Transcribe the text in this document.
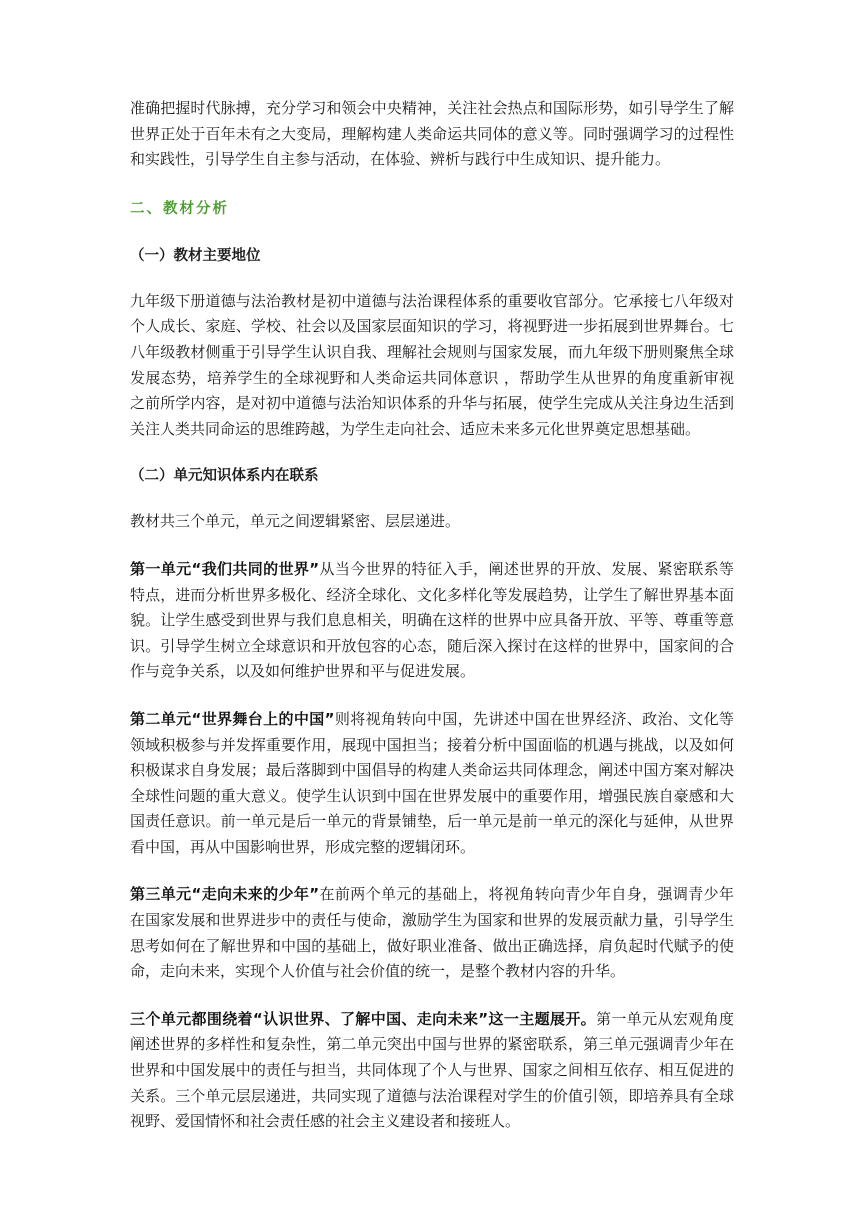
准确把握时代脉搏，充分学习和领会中央精神，关注社会热点和国际形势，如引导学生了解世界正处于百年未有之大变局，理解构建人类命运共同体的意义等。同时强调学习的过程性和实践性，引导学生自主参与活动，在体验、辨析与践行中生成知识、提升能力。

二、教材分析
（一）教材主要地位

九年级下册道德与法治教材是初中道德与法治课程体系的重要收官部分。它承接七八年级对个人成长、家庭、学校、社会以及国家层面知识的学习，将视野进一步拓展到世界舞台。七八年级教材侧重于引导学生认识自我、理解社会规则与国家发展，而九年级下册则聚焦全球发展态势，培养学生的全球视野和人类命运共同体意识 ，帮助学生从世界的角度重新审视之前所学内容，是对初中道德与法治知识体系的升华与拓展，使学生完成从关注身边生活到关注人类共同命运的思维跨越，为学生走向社会、适应未来多元化世界奠定思想基础。

（二）单元知识体系内在联系

教材共三个单元，单元之间逻辑紧密、层层递进。

第一单元“我们共同的世界”从当今世界的特征入手，阐述世界的开放、发展、紧密联系等特点，进而分析世界多极化、经济全球化、文化多样化等发展趋势，让学生了解世界基本面貌。让学生感受到世界与我们息息相关，明确在这样的世界中应具备开放、平等、尊重等意识。引导学生树立全球意识和开放包容的心态，随后深入探讨在这样的世界中，国家间的合作与竞争关系，以及如何维护世界和平与促进发展。

第二单元“世界舞台上的中国”则将视角转向中国，先讲述中国在世界经济、政治、文化等领域积极参与并发挥重要作用，展现中国担当；接着分析中国面临的机遇与挑战，以及如何积极谋求自身发展；最后落脚到中国倡导的构建人类命运共同体理念，阐述中国方案对解决全球性问题的重大意义。使学生认识到中国在世界发展中的重要作用，增强民族自豪感和大国责任意识。前一单元是后一单元的背景铺垫，后一单元是前一单元的深化与延伸，从世界看中国，再从中国影响世界，形成完整的逻辑闭环。

第三单元“走向未来的少年”在前两个单元的基础上，将视角转向青少年自身，强调青少年在国家发展和世界进步中的责任与使命，激励学生为国家和世界的发展贡献力量，引导学生思考如何在了解世界和中国的基础上，做好职业准备、做出正确选择，肩负起时代赋予的使命，走向未来，实现个人价值与社会价值的统一，是整个教材内容的升华。

三个单元都围绕着“认识世界、了解中国、走向未来”这一主题展开。第一单元从宏观角度阐述世界的多样性和复杂性，第二单元突出中国与世界的紧密联系，第三单元强调青少年在世界和中国发展中的责任与担当，共同体现了个人与世界、国家之间相互依存、相互促进的关系。三个单元层层递进，共同实现了道德与法治课程对学生的价值引领，即培养具有全球视野、爱国情怀和社会责任感的社会主义建设者和接班人。
